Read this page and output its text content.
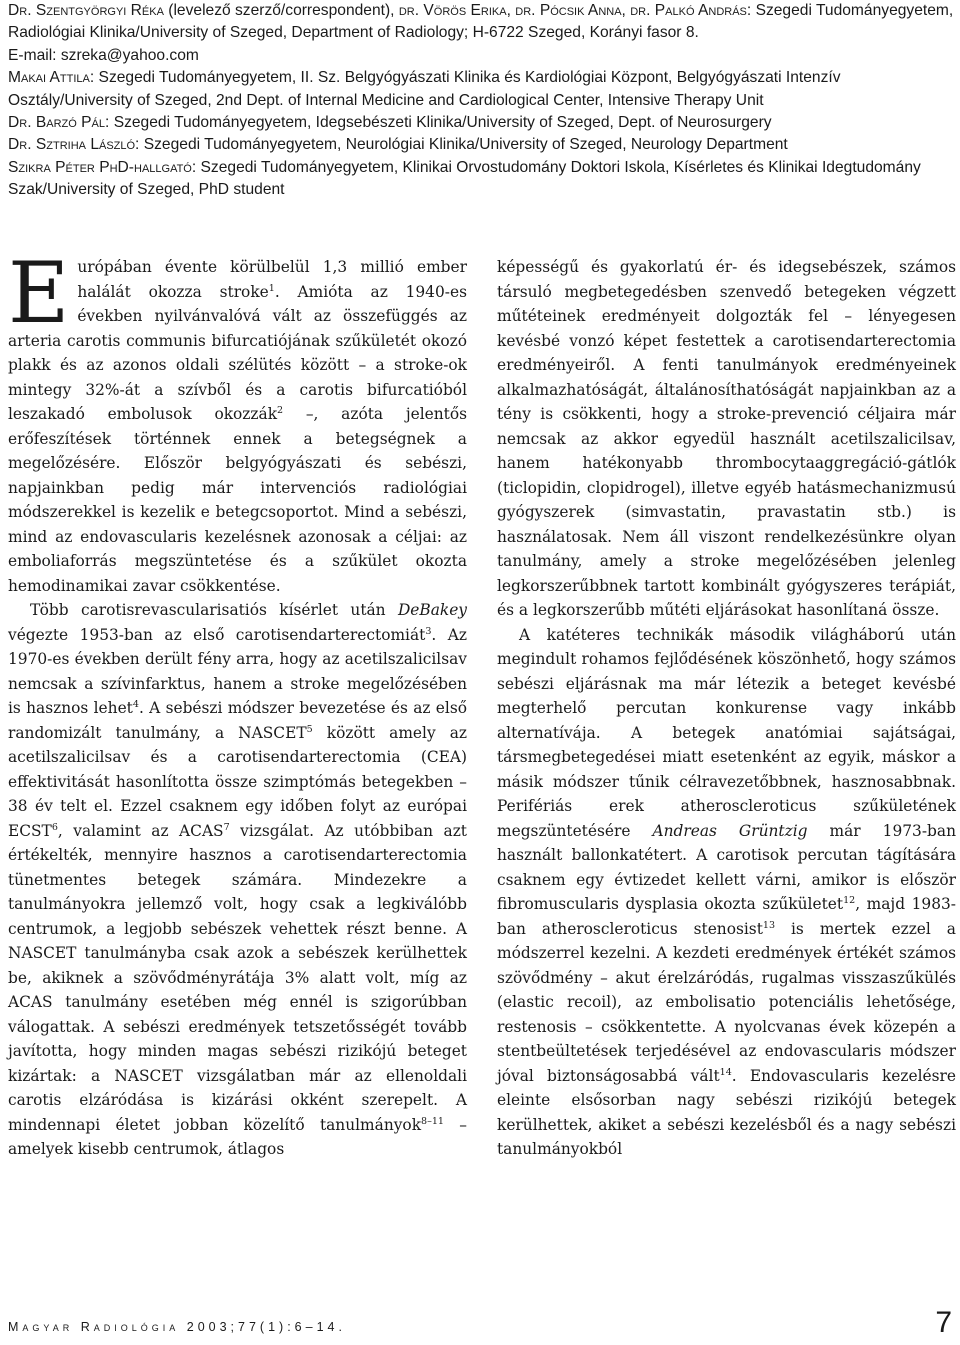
Dr. Szentgyörgyi Réka (levelező szerző/correspondent), dr. Vörös Erika, dr. Pócsik Anna, dr. Palkó András: Szegedi Tudományegyetem, Radiológiai Klinika/University of Szeged, Department of Radiology; H-6722 Szeged, Korányi fasor 8.
E-mail: szreka@yahoo.com

Makai Attila: Szegedi Tudományegyetem, II. Sz. Belgyógyászati Klinika és Kardiológiai Központ, Belgyógyászati Intenzív Osztály/University of Szeged, 2nd Dept. of Internal Medicine and Cardiological Center, Intensive Therapy Unit

Dr. Barzó Pál: Szegedi Tudományegyetem, Idegsebészeti Klinika/University of Szeged, Dept. of Neurosurgery

Dr. Sztriha László: Szegedi Tudományegyetem, Neurológiai Klinika/University of Szeged, Neurology Department

Szikra Péter PhD-hallgató: Szegedi Tudományegyetem, Klinikai Orvostudomány Doktori Iskola, Kísérletes és Klinikai Idegtudomány Szak/University of Szeged, PhD student

Európában évente körülbelül 1,3 millió ember halálát okozza stroke$^1$. Amióta az 1940-es években nyilvánvalóvá vált az összefüggés az arteria carotis communis bifurcatiójának szűkületét okozó plakk és az azonos oldali szélütés között – a stroke-ok mintegy 32%-át a szívből és a carotis bifurcatióból leszakadó embolusok okozzák$^2$ –, azóta jelentős erőfeszítések történnek ennek a betegségnek a megelőzésére. Először belgyógyászati és sebészi, napjainkban pedig már intervenciós radiológiai módszerekkel is kezelik e betegcsoportot. Mind a sebészi, mind az endovascularis kezelésnek azonosak a céljai: az emboliaforrás megszüntetése és a szűkület okozta hemodinamikai zavar csökkentése.

Több carotisrevascularisatiós kísérlet után DeBakey végezte 1953-ban az első carotisendarterectomiát$^3$. Az 1970-es években derült fény arra, hogy az acetilszalicilsav nemcsak a szívinfarktus, hanem a stroke megelőzésében is hasznos lehet$^4$. A sebészi módszer bevezetése és az első randomizált tanulmány, a NASCET$^5$ között amely az acetilszalicilsav és a carotisendarterectomia (CEA) effektivitását hasonlította össze szimptómás betegekben – 38 év telt el. Ezzel csaknem egy időben folyt az európai ECST$^6$, valamint az ACAS$^7$ vizsgálat. Az utóbbiban azt értékelték, mennyire hasznos a carotisendarterectomia tünetmentes betegek számára. Mindezekre a tanulmányokra jellemző volt, hogy csak a legkiválóbb centrumok, a legjobb sebészek vehettek részt benne. A NASCET tanulmányba csak azok a sebészek kerülhettek be, akiknek a szövődményrátája 3% alatt volt, míg az ACAS tanulmány esetében még ennél is szigorúbban válogattak. A sebészi eredmények tetszetősségét tovább javította, hogy minden magas sebészi rizikójú beteget kizártak: a NASCET vizsgálatban már az ellenoldali carotis elzáródása is kizárási okként szerepelt. A mindennapi életet jobban közelítő tanulmányok$^{8-11}$ – amelyek kisebb centrumok, átlagos

képességű és gyakorlatú ér- és idegsebészek, számos társuló megbetegedésben szenvedő betegeken végzett műtéteinek eredményeit dolgozták fel – lényegesen kevésbé vonzó képet festettek a carotisendarterectomia eredményeiről. A fenti tanulmányok eredményeinek alkalmazhatóságát, általánosíthatóságát napjainkban az a tény is csökkenti, hogy a stroke-prevenció céljaira már nemcsak az akkor egyedül használt acetilszalicilsav, hanem hatékonyabb thrombocytaaggregáció-gátlók (ticlopidin, clopidrogel), illetve egyéb hatásmechanizmusú gyógyszerek (simvastatin, pravastatin stb.) is használatosak. Nem áll viszont rendelkezésünkre olyan tanulmány, amely a stroke megelőzésében jelenleg legkorszerűbbnek tartott kombinált gyógyszeres terápiát, és a legkorszerűbb műtéti eljárásokat hasonlítaná össze.

A katéteres technikák második világháború után megindult rohamos fejlődésének köszönhető, hogy számos sebészi eljárásnak ma már létezik a beteget kevésbé megterhelő percutan konkurense vagy inkább alternatívája. A betegek anatómiai sajátságai, társmegbetegedései miatt esetenként az egyik, máskor a másik módszer tűnik célravezetőbbnek, hasznosabbnak. Perifériás erek atheroscleroticus szűkületének megszüntetésére Andreas Grüntzig már 1973-ban használt ballonkatétert. A carotisok percutan tágítására csaknem egy évtizedet kellett várni, amikor is először fibromuscularis dysplasia okozta szűkületet$^{12}$, majd 1983-ban atheroscleroticus stenosist$^{13}$ is mertek ezzel a módszerrel kezelni. A kezdeti eredmények értékét számos szövődmény – akut érelzáródás, rugalmas visszaszűkülés (elastic recoil), az embolisatio potenciális lehetősége, restenosis – csökkentette. A nyolcvanas évek közepén a stentbeültetések terjedésével az endovascularis módszer jóval biztonságosabbá vált$^{14}$. Endovascularis kezelésre eleinte elsősorban nagy sebészi rizikójú betegek kerülhettek, akiket a sebészi kezelésből és a nagy sebészi tanulmányokból

Magyar Radiológia 2003;77(1):6–14.	7
